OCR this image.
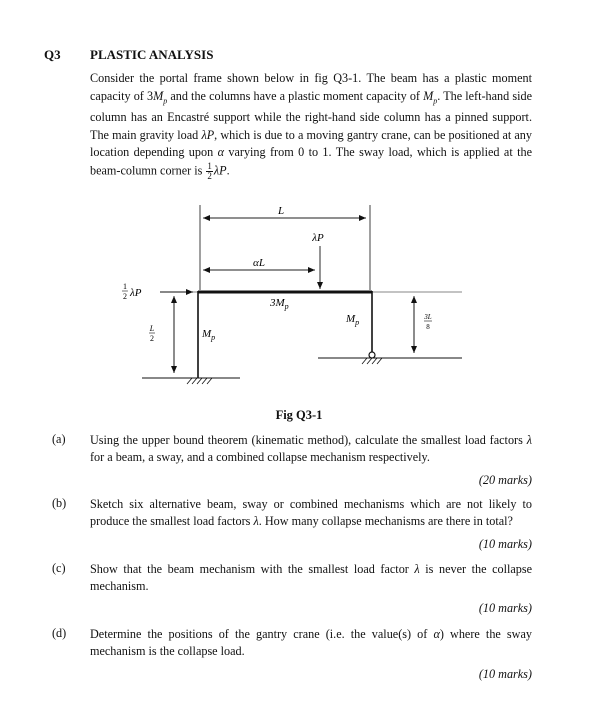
Q3 PLASTIC ANALYSIS
Consider the portal frame shown below in fig Q3-1. The beam has a plastic moment capacity of $3M_p$ and the columns have a plastic moment capacity of $M_p$. The left-hand side column has an Encastré support while the right-hand side column has a pinned support. The main gravity load λP, which is due to a moving gantry crane, can be positioned at any location depending upon α varying from 0 to 1. The sway load, which is applied at the beam-column corner is $\frac{1}{2} \lambda P$.
L
λP
αL
$3M_p$
$M_p$
$M_p$
1
2 λP
L
2
3L
8
Fig Q3-1
(a) Using the upper bound theorem (kinematic method), calculate the smallest load factors λ for a beam, a sway, and a combined collapse mechanism respectively.
(20 marks)
(b) Sketch six alternative beam, sway or combined mechanisms which are not likely to produce the smallest load factors λ. How many collapse mechanisms are there in total?
(10 marks)
(c) Show that the beam mechanism with the smallest load factor λ is never the collapse mechanism.
(10 marks)
(d) Determine the positions of the gantry crane (i.e. the value(s) of α) where the sway mechanism is the collapse load.
(10 marks)
